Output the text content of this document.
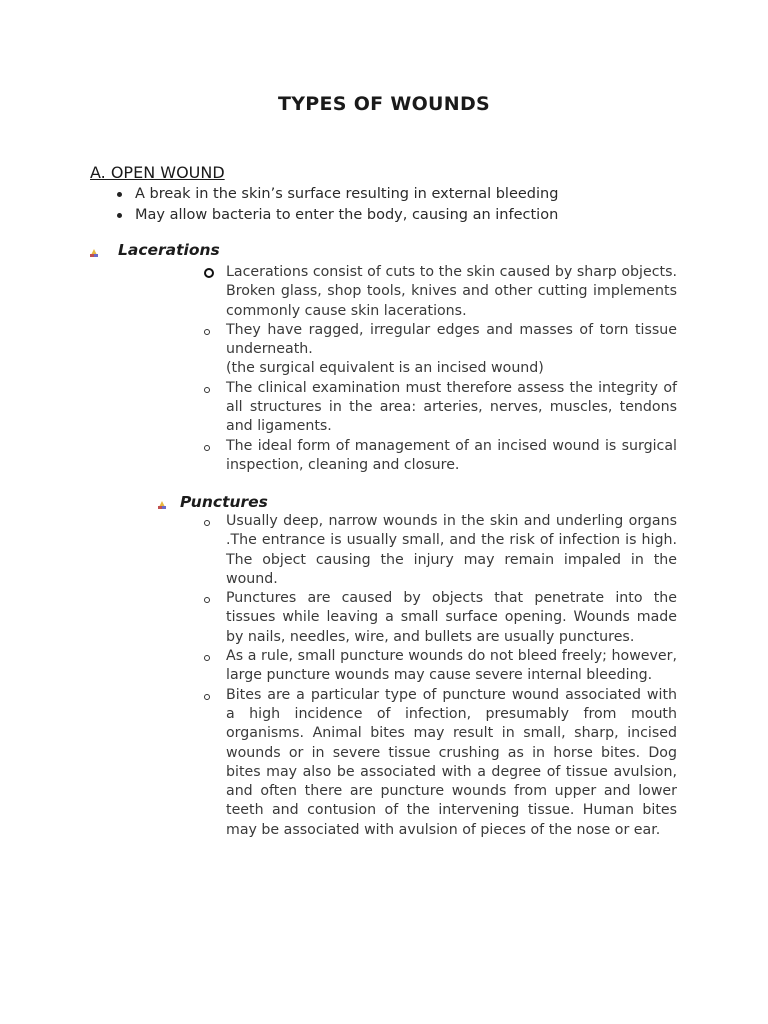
TYPES OF WOUNDS
A. OPEN WOUND
A break in the skin’s surface resulting in external bleeding
May allow bacteria to enter the body, causing an infection
Lacerations
Lacerations consist of cuts to the skin caused by sharp objects. Broken glass, shop tools, knives and other cutting implements commonly cause skin lacerations.
They have ragged, irregular edges and masses of torn tissue underneath.
(the surgical equivalent is an incised wound)
The clinical examination must therefore assess the integrity of all structures in the area: arteries, nerves, muscles, tendons and ligaments.
The ideal form of management of an incised wound is surgical inspection, cleaning and closure.
Punctures
Usually deep, narrow wounds in the skin and underling organs .The entrance is usually small, and the risk of infection is high. The object causing the injury may remain impaled in the wound.
Punctures are caused by objects that penetrate into the tissues while leaving a small surface opening. Wounds made by nails, needles, wire, and bullets are usually punctures.
As a rule, small puncture wounds do not bleed freely; however, large puncture wounds may cause severe internal bleeding.
Bites are a particular type of puncture wound associated with a high incidence of infection, presumably from mouth organisms. Animal bites may result in small, sharp, incised wounds or in severe tissue crushing as in horse bites. Dog bites may also be associated with a degree of tissue avulsion, and often there are puncture wounds from upper and lower teeth and contusion of the intervening tissue. Human bites may be associated with avulsion of pieces of the nose or ear.
